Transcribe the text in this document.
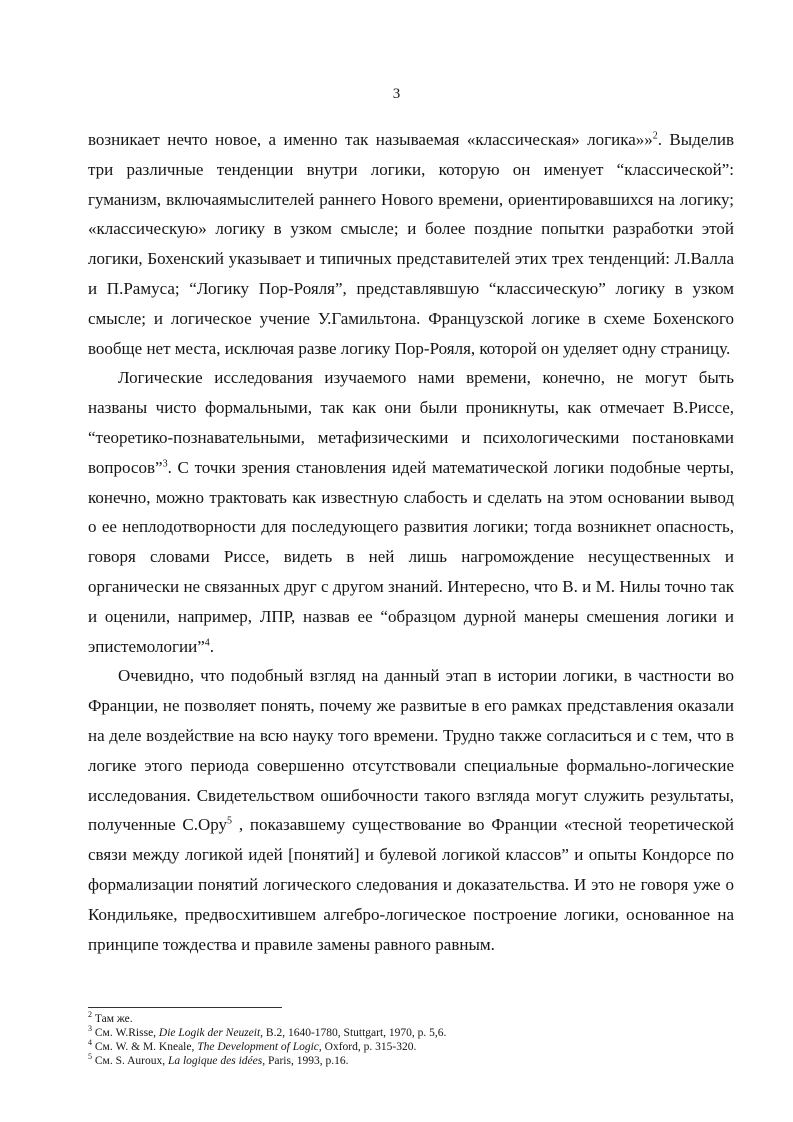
3

возникает нечто новое, а именно так называемая «классическая» логика»»$^2$. Выделив три различные тенденции внутри логики, которую он именует “классической”: гуманизм, включаямыслителей раннего Нового времени, ориентировавшихся на логику; «классическую» логику в узком смысле; и более поздние попытки разработки этой логики, Бохенский указывает и типичных представителей этих трех тенденций: Л.Валла и П.Рамуса; “Логику Пор-Рояля”, представлявшую “классическую” логику в узком смысле; и логическое учение У.Гамильтона. Французской логике в схеме Бохенского вообще нет места, исключая разве логику Пор-Рояля, которой он уделяет одну страницу.

Логические исследования изучаемого нами времени, конечно, не могут быть названы чисто формальными, так как они были проникнуты, как отмечает В.Риссе, “теоретико-познавательными, метафизическими и психологическими постановками вопросов”$^3$. С точки зрения становления идей математической логики подобные черты, конечно, можно трактовать как известную слабость и сделать на этом основании вывод о ее неплодотворности для последующего развития логики; тогда возникнет опасность, говоря словами Риссе, видеть в ней лишь нагромождение несущественных и органически не связанных друг с другом знаний. Интересно, что В. и М. Нилы точно так и оценили, например, ЛПР, назвав ее “образцом дурной манеры смешения логики и эпистемологии”$^4$.

Очевидно, что подобный взгляд на данный этап в истории логики, в частности во Франции, не позволяет понять, почему же развитые в его рамках представления оказали на деле воздействие на всю науку того времени. Трудно также согласиться и с тем, что в логике этого периода совершенно отсутствовали специальные формально-логические исследования. Свидетельством ошибочности такого взгляда могут служить результаты, полученные С.Ору$^5$ , показавшему существование во Франции «тесной теоретической связи между логикой идей [понятий] и булевой логикой классов” и опыты Кондорсе по формализации понятий логического следования и доказательства. И это не говоря уже о Кондильяке, предвосхитившем алгебро-логическое построение логики, основанное на принципе тождества и правиле замены равного равным.

$^2$ Там же.
$^3$ См. W.Risse, Die Logik der Neuzeit, B.2, 1640-1780, Stuttgart, 1970, p. 5,6.
$^4$ См. W. & M. Kneale, The Development of Logic, Oxford, p. 315-320.
$^5$ См. S. Auroux, La logique des idées, Paris, 1993, p.16.
